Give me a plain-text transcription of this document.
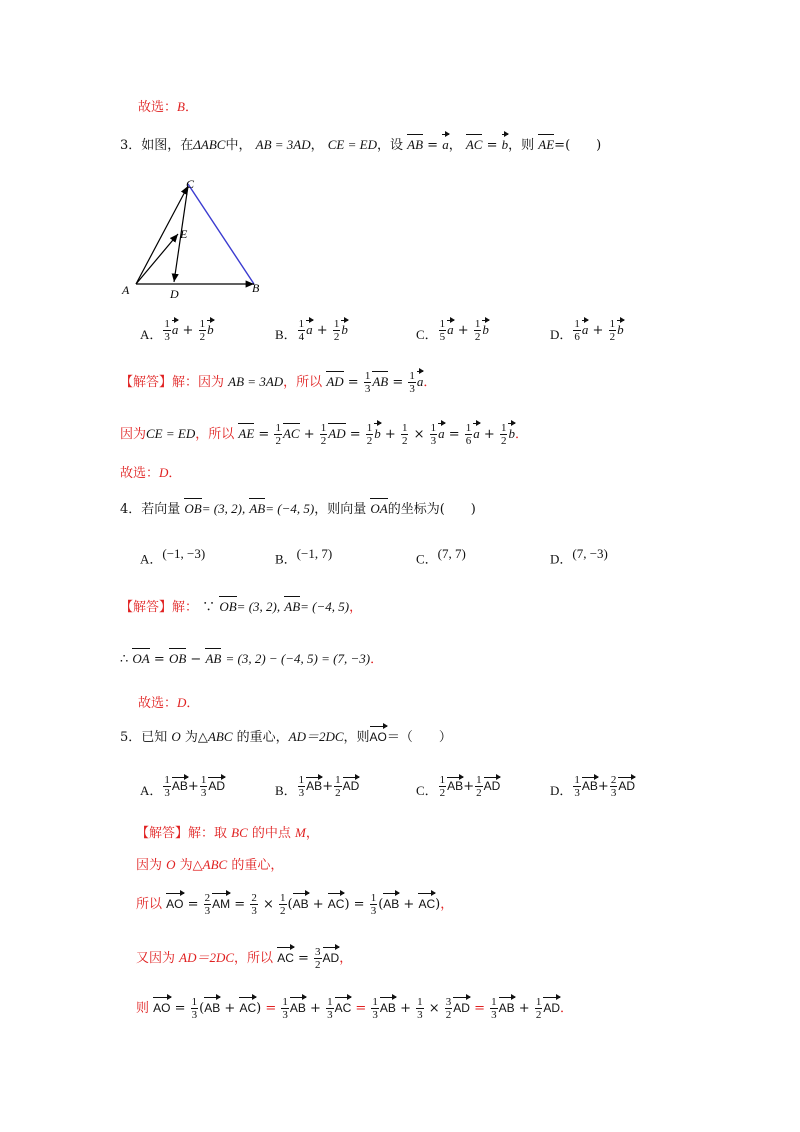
故选：B．
3．如图，在ΔABC中， AB = 3AD， CE = ED，设 AB = a， AC = b，则 AE=(　　)
C
E
A	D	B
A． $\frac{1}{3}$ $a + \frac{1}{2}$ b	B． $\frac{1}{4}$ $a + \frac{1}{2}$ b	C． $\frac{1}{5}$ $a + \frac{1}{2}$ b	D． $\frac{1}{6}$ $a + \frac{1}{2}$ b
【解答】解：因为 AB = 3AD，所以 AD = $\frac{1}{3}$ AB = $\frac{1}{3}$ a．
因为CE = ED，所以 AE = $\frac{1}{2}$ AC + $\frac{1}{2}$ AD = $\frac{1}{2}$ $b + \frac{1}{2} \times \frac{1}{3}$ $a = \frac{1}{6}$ $a + \frac{1}{2}$ b．
故选：D．
4．若向量 OB= (3, 2), AB= (−4, 5)，则向量 OA的坐标为(　　)
A．(−1, −3)	B．(−1, 7)	C．(7, 7)	D．(7, −3)
【解答】解： ∵ OB= (3, 2), AB= (−4, 5)，
∴ OA = OB − AB = (3, 2) − (−4, 5) = (7, −3)．
故选：D．
5．已知 O 为△ABC 的重心，AD＝2DC，则AO＝（　　）
A． $\frac{1}{3} AB+ \frac{1}{3}$ AD	B． $\frac{1}{3} AB+ \frac{1}{2}$ AD	C． $\frac{1}{2} AB+ \frac{1}{2}$ AD	D． $\frac{1}{3} AB+ \frac{2}{3}$ AD
【解答】解：取 BC 的中点 M，
因为 O 为△ABC 的重心，
所以 AO = $\frac{2}{3}$ AM = $\frac{2}{3} \times \frac{1}{2} (AB + AC) = \frac{1}{3} (AB + AC)$，
又因为 AD＝2DC，所以 AC = $\frac{3}{2}$ AD，
则 AO = $\frac{1}{3} (AB + AC) = \frac{1}{3}$ AB + $\frac{1}{3}$ AC = $\frac{1}{3}$ AB + $\frac{1}{3} \times \frac{3}{2}$ AD = $\frac{1}{3}$ AB + $\frac{1}{2}$ AD．
